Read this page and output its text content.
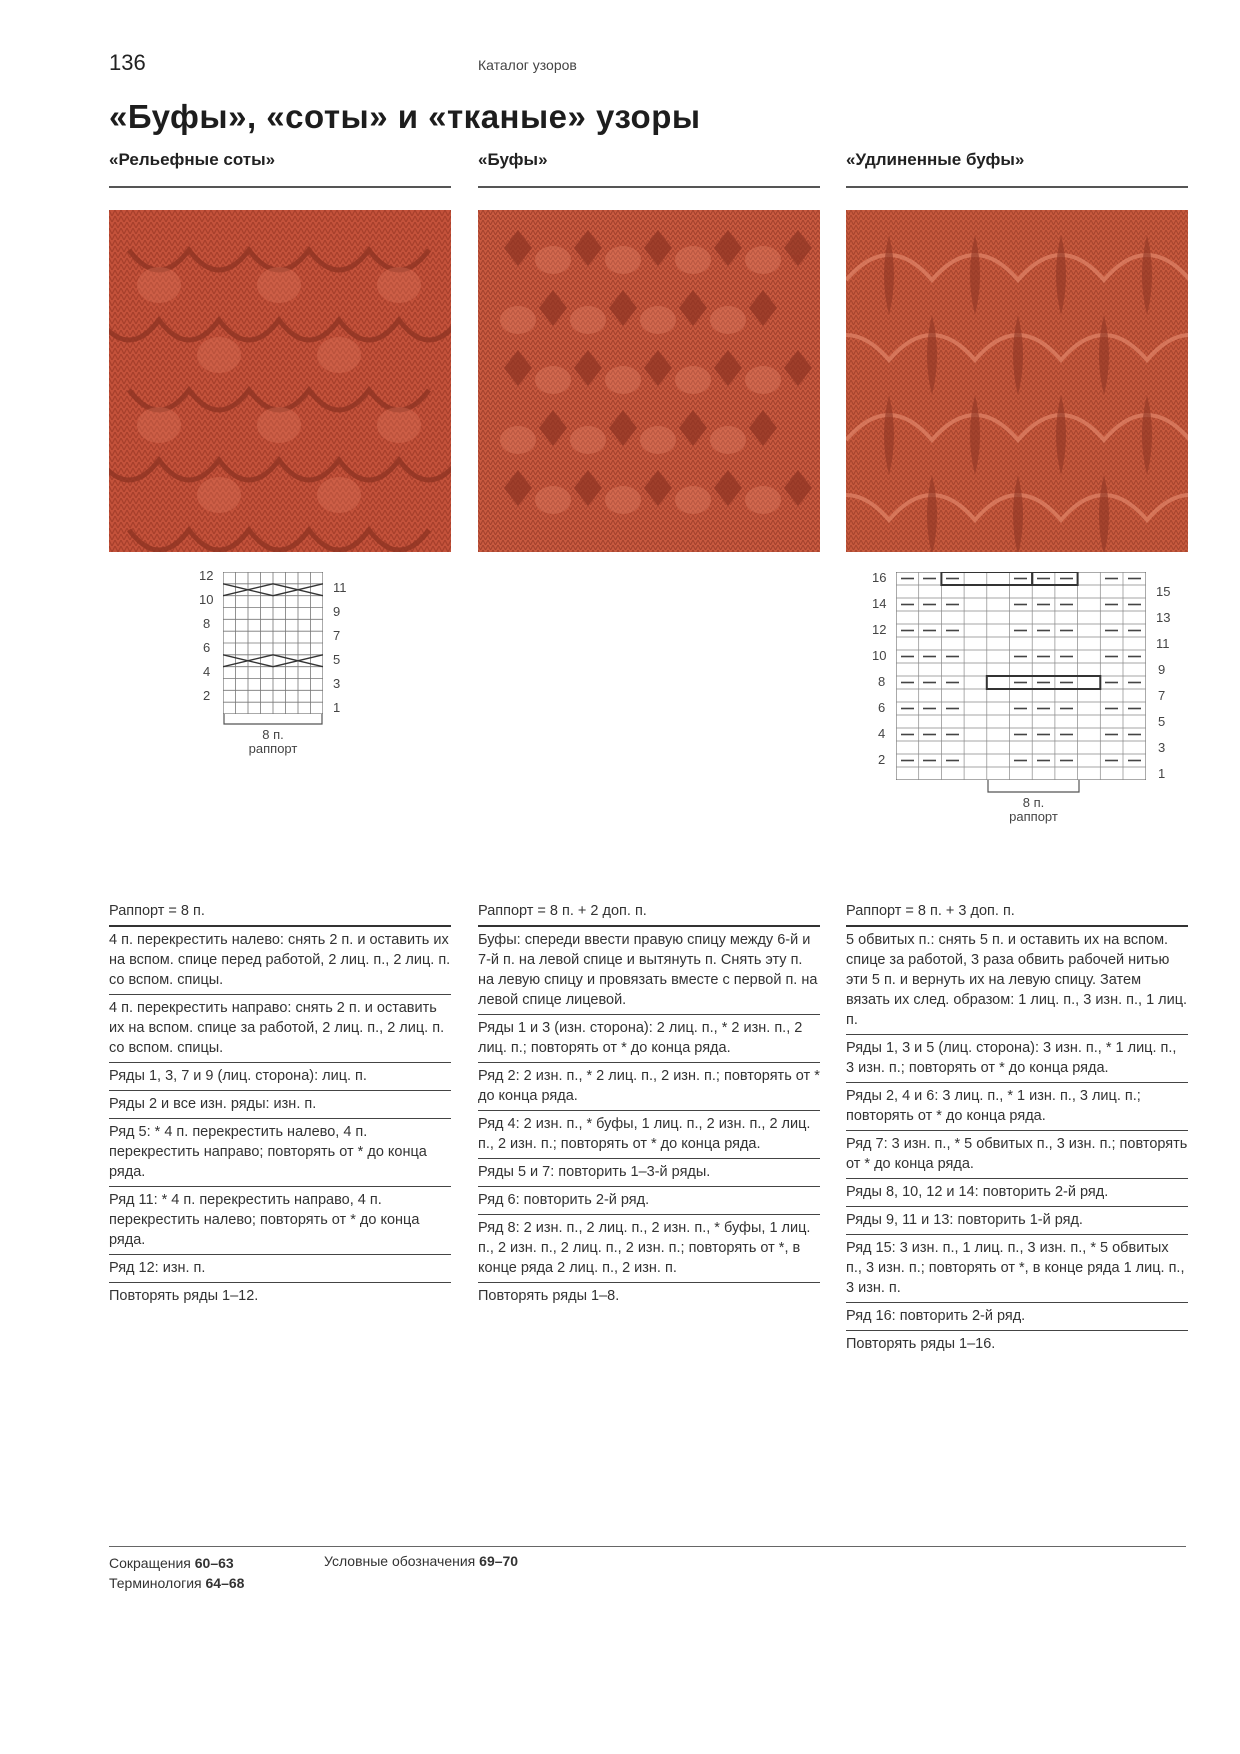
136	Каталог узоров
«Буфы», «соты» и «тканые» узоры
«Рельефные соты»	«Буфы»	«Удлиненные буфы»
12
10
8
6
4
2
11
9
7
5
3
1
8 п.
раппорт
16
14
12
10
8
6
4
2
15
13
11
9
7
5
3
1
8 п.
раппорт
Раппорт = 8 п.
4 п. перекрестить налево: снять 2 п. и оставить их на вспом. спице перед работой, 2 лиц. п., 2 лиц. п. со вспом. спицы.
4 п. перекрестить направо: снять 2 п. и оставить их на вспом. спице за работой, 2 лиц. п., 2 лиц. п. со вспом. спицы.
Ряды 1, 3, 7 и 9 (лиц. сторона): лиц. п.
Ряды 2 и все изн. ряды: изн. п.
Ряд 5: * 4 п. перекрестить налево, 4 п. перекрестить направо; повторять от * до конца ряда.
Ряд 11: * 4 п. перекрестить направо, 4 п. перекрестить налево; повторять от * до конца ряда.
Ряд 12: изн. п.
Повторять ряды 1–12.
Раппорт = 8 п. + 2 доп. п.
Буфы: спереди ввести правую спицу между 6-й и 7-й п. на левой спице и вытянуть п. Снять эту п. на левую спицу и провязать вместе с первой п. на левой спице лицевой.
Ряды 1 и 3 (изн. сторона): 2 лиц. п., * 2 изн. п., 2 лиц. п.; повторять от * до конца ряда.
Ряд 2: 2 изн. п., * 2 лиц. п., 2 изн. п.; повторять от * до конца ряда.
Ряд 4: 2 изн. п., * буфы, 1 лиц. п., 2 изн. п., 2 лиц. п., 2 изн. п.; повторять от * до конца ряда.
Ряды 5 и 7: повторить 1–3-й ряды.
Ряд 6: повторить 2-й ряд.
Ряд 8: 2 изн. п., 2 лиц. п., 2 изн. п., * буфы, 1 лиц. п., 2 изн. п., 2 лиц. п., 2 изн. п.; повторять от *, в конце ряда 2 лиц. п., 2 изн. п.
Повторять ряды 1–8.
Раппорт = 8 п. + 3 доп. п.
5 обвитых п.: снять 5 п. и оставить их на вспом. спице за работой, 3 раза обвить рабочей нитью эти 5 п. и вернуть их на левую спицу. Затем вязать их след. образом: 1 лиц. п., 3 изн. п., 1 лиц. п.
Ряды 1, 3 и 5 (лиц. сторона): 3 изн. п., * 1 лиц. п., 3 изн. п.; повторять от * до конца ряда.
Ряды 2, 4 и 6: 3 лиц. п., * 1 изн. п., 3 лиц. п.; повторять от * до конца ряда.
Ряд 7: 3 изн. п., * 5 обвитых п., 3 изн. п.; повторять от * до конца ряда.
Ряды 8, 10, 12 и 14: повторить 2-й ряд.
Ряды 9, 11 и 13: повторить 1-й ряд.
Ряд 15: 3 изн. п., 1 лиц. п., 3 изн. п., * 5 обвитых п., 3 изн. п.; повторять от *, в конце ряда 1 лиц. п., 3 изн. п.
Ряд 16: повторить 2-й ряд.
Повторять ряды 1–16.
Сокращения 60–63
Терминология 64–68
Условные обозначения 69–70
